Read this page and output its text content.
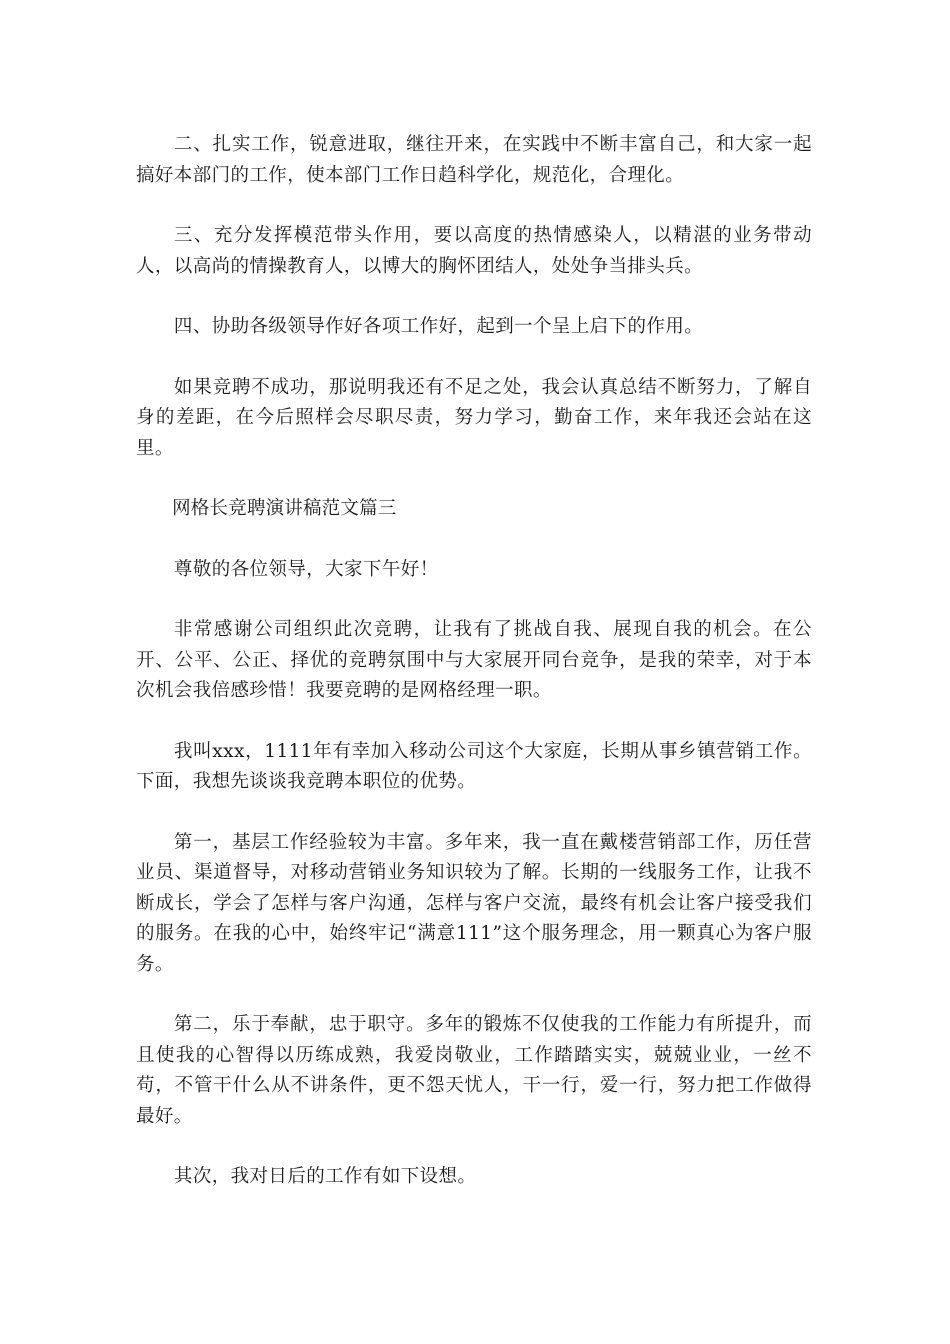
二、扎实工作，锐意进取，继往开来，在实践中不断丰富自己，和大家一起搞好本部门的工作，使本部门工作日趋科学化，规范化，合理化。

三、充分发挥模范带头作用，要以高度的热情感染人，以精湛的业务带动人，以高尚的情操教育人，以博大的胸怀团结人，处处争当排头兵。

四、协助各级领导作好各项工作好，起到一个呈上启下的作用。

如果竞聘不成功，那说明我还有不足之处，我会认真总结不断努力，了解自身的差距，在今后照样会尽职尽责，努力学习，勤奋工作，来年我还会站在这里。

网格长竞聘演讲稿范文篇三

尊敬的各位领导，大家下午好！

非常感谢公司组织此次竞聘，让我有了挑战自我、展现自我的机会。在公开、公平、公正、择优的竞聘氛围中与大家展开同台竞争，是我的荣幸，对于本次机会我倍感珍惜！我要竞聘的是网格经理一职。

我叫xxx，1111年有幸加入移动公司这个大家庭，长期从事乡镇营销工作。下面，我想先谈谈我竞聘本职位的优势。

第一，基层工作经验较为丰富。多年来，我一直在戴楼营销部工作，历任营业员、渠道督导，对移动营销业务知识较为了解。长期的一线服务工作，让我不断成长，学会了怎样与客户沟通，怎样与客户交流，最终有机会让客户接受我们的服务。在我的心中，始终牢记“满意111”这个服务理念，用一颗真心为客户服务。

第二，乐于奉献，忠于职守。多年的锻炼不仅使我的工作能力有所提升，而且使我的心智得以历练成熟，我爱岗敬业，工作踏踏实实，兢兢业业，一丝不苟，不管干什么从不讲条件，更不怨天忧人，干一行，爱一行，努力把工作做得最好。

其次，我对日后的工作有如下设想。
